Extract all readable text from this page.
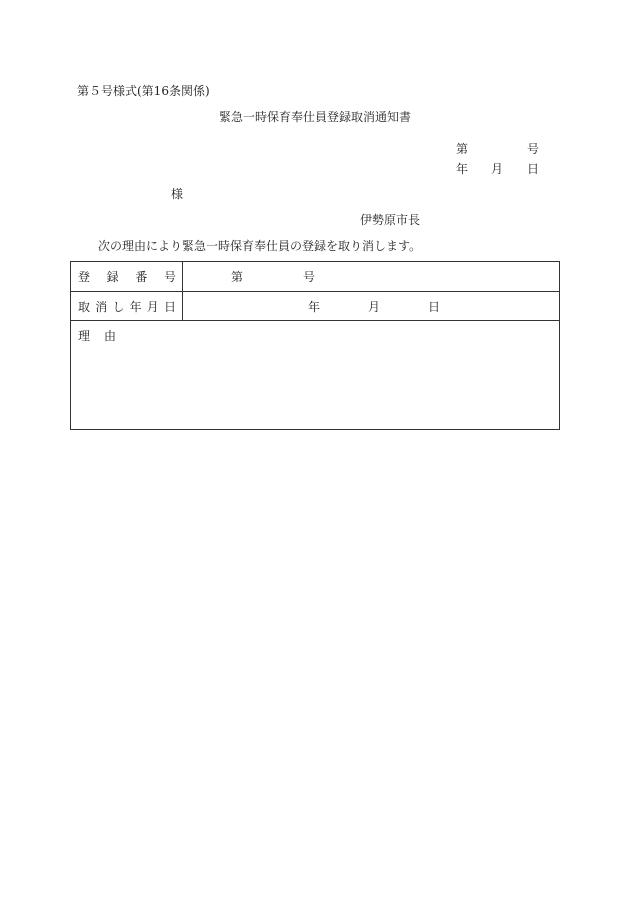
第５号様式(第16条関係)
緊急一時保育奉仕員登録取消通知書
第	号
年 月 日
様
伊勢原市長
次の理由により緊急一時保育奉仕員の登録を取り消します。
登 録 番 号	第	号
取 消 し 年 月 日	年	月	日
理 由
